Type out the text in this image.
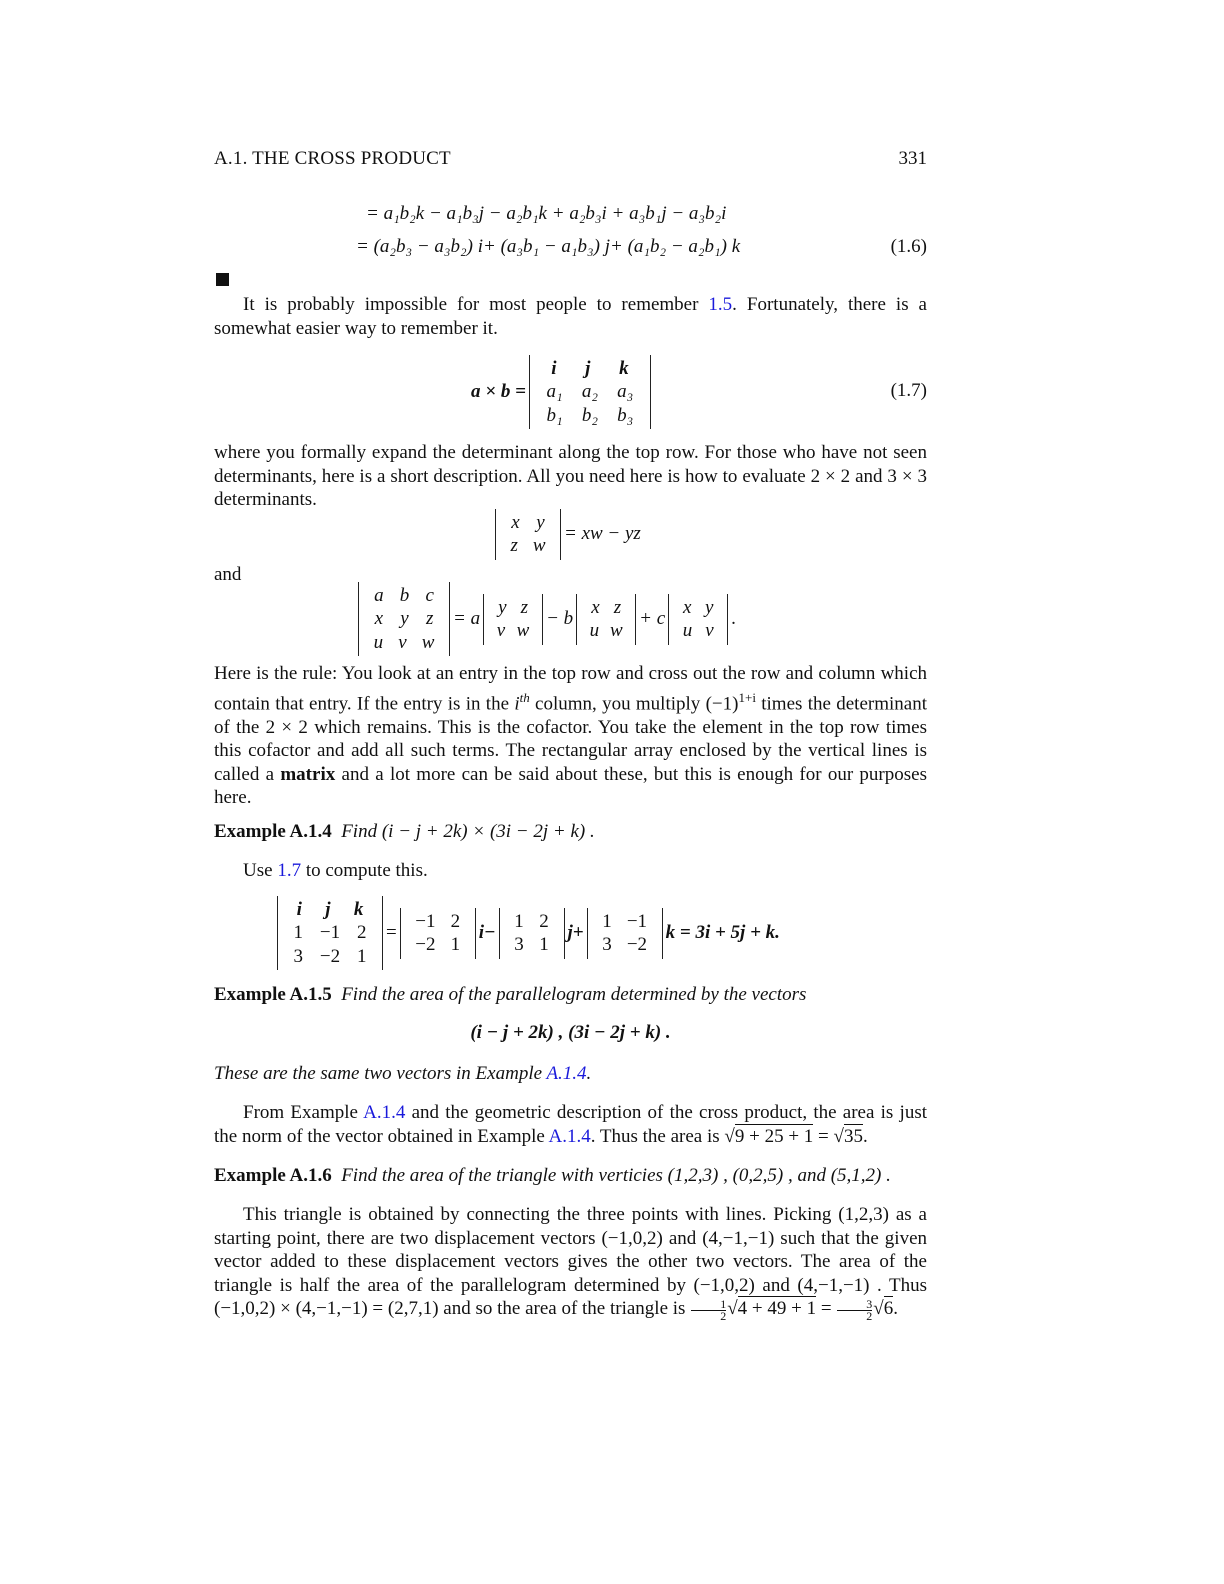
A.1. THE CROSS PRODUCT	331
= a₁b₂k − a₁b₃j − a₂b₁k + a₂b₃i + a₃b₁j − a₃b₂i
= (a₂b₃ − a₃b₂) i+ (a₃b₁ − a₁b₃) j+ (a₁b₂ − a₂b₁) k	(1.6)
It is probably impossible for most people to remember 1.5. Fortunately, there is a somewhat easier way to remember it.
a × b =
i j k
a₁ a₂ a₃
b₁ b₂ b₃
(1.7)
where you formally expand the determinant along the top row. For those who have not seen determinants, here is a short description. All you need here is how to evaluate 2 × 2 and 3 × 3 determinants.
x y
z w
= xw − yz
and
a b c
x y z
u v w
= a
y z
v w
− b
x z
u w
+ c
x y
u v
.
Here is the rule: You look at an entry in the top row and cross out the row and column which contain that entry. If the entry is in the $i^{th}$ column, you multiply $(-1)^{1+i}$ times the determinant of the 2 × 2 which remains. This is the cofactor. You take the element in the top row times this cofactor and add all such terms. The rectangular array enclosed by the vertical lines is called a matrix and a lot more can be said about these, but this is enough for our purposes here.
Example A.1.4 Find (i − j + 2k) × (3i − 2j + k) .
Use 1.7 to compute this.
i j k
1 −1 2
3 −2 1
=
−1 2
−2 1
i−
1 2
3 1
j+
1 −1
3 −2
k = 3i + 5j + k.
Example A.1.5 Find the area of the parallelogram determined by the vectors
(i − j + 2k) , (3i − 2j + k) .
These are the same two vectors in Example A.1.4.
From Example A.1.4 and the geometric description of the cross product, the area is just the norm of the vector obtained in Example A.1.4. Thus the area is √9 + 25 + 1 = √35.
Example A.1.6 Find the area of the triangle with verticies (1,2,3) , (0,2,5) , and (5,1,2) .
This triangle is obtained by connecting the three points with lines. Picking (1,2,3) as a starting point, there are two displacement vectors (−1,0,2) and (4,−1,−1) such that the given vector added to these displacement vectors gives the other two vectors. The area of the triangle is half the area of the parallelogram determined by (−1,0,2) and (4,−1,−1) . Thus (−1,0,2) × (4,−1,−1) = (2,7,1) and so the area of the triangle is $\frac{1}{2} √4 + 49 + 1 = \frac{3}{2} √6$.
